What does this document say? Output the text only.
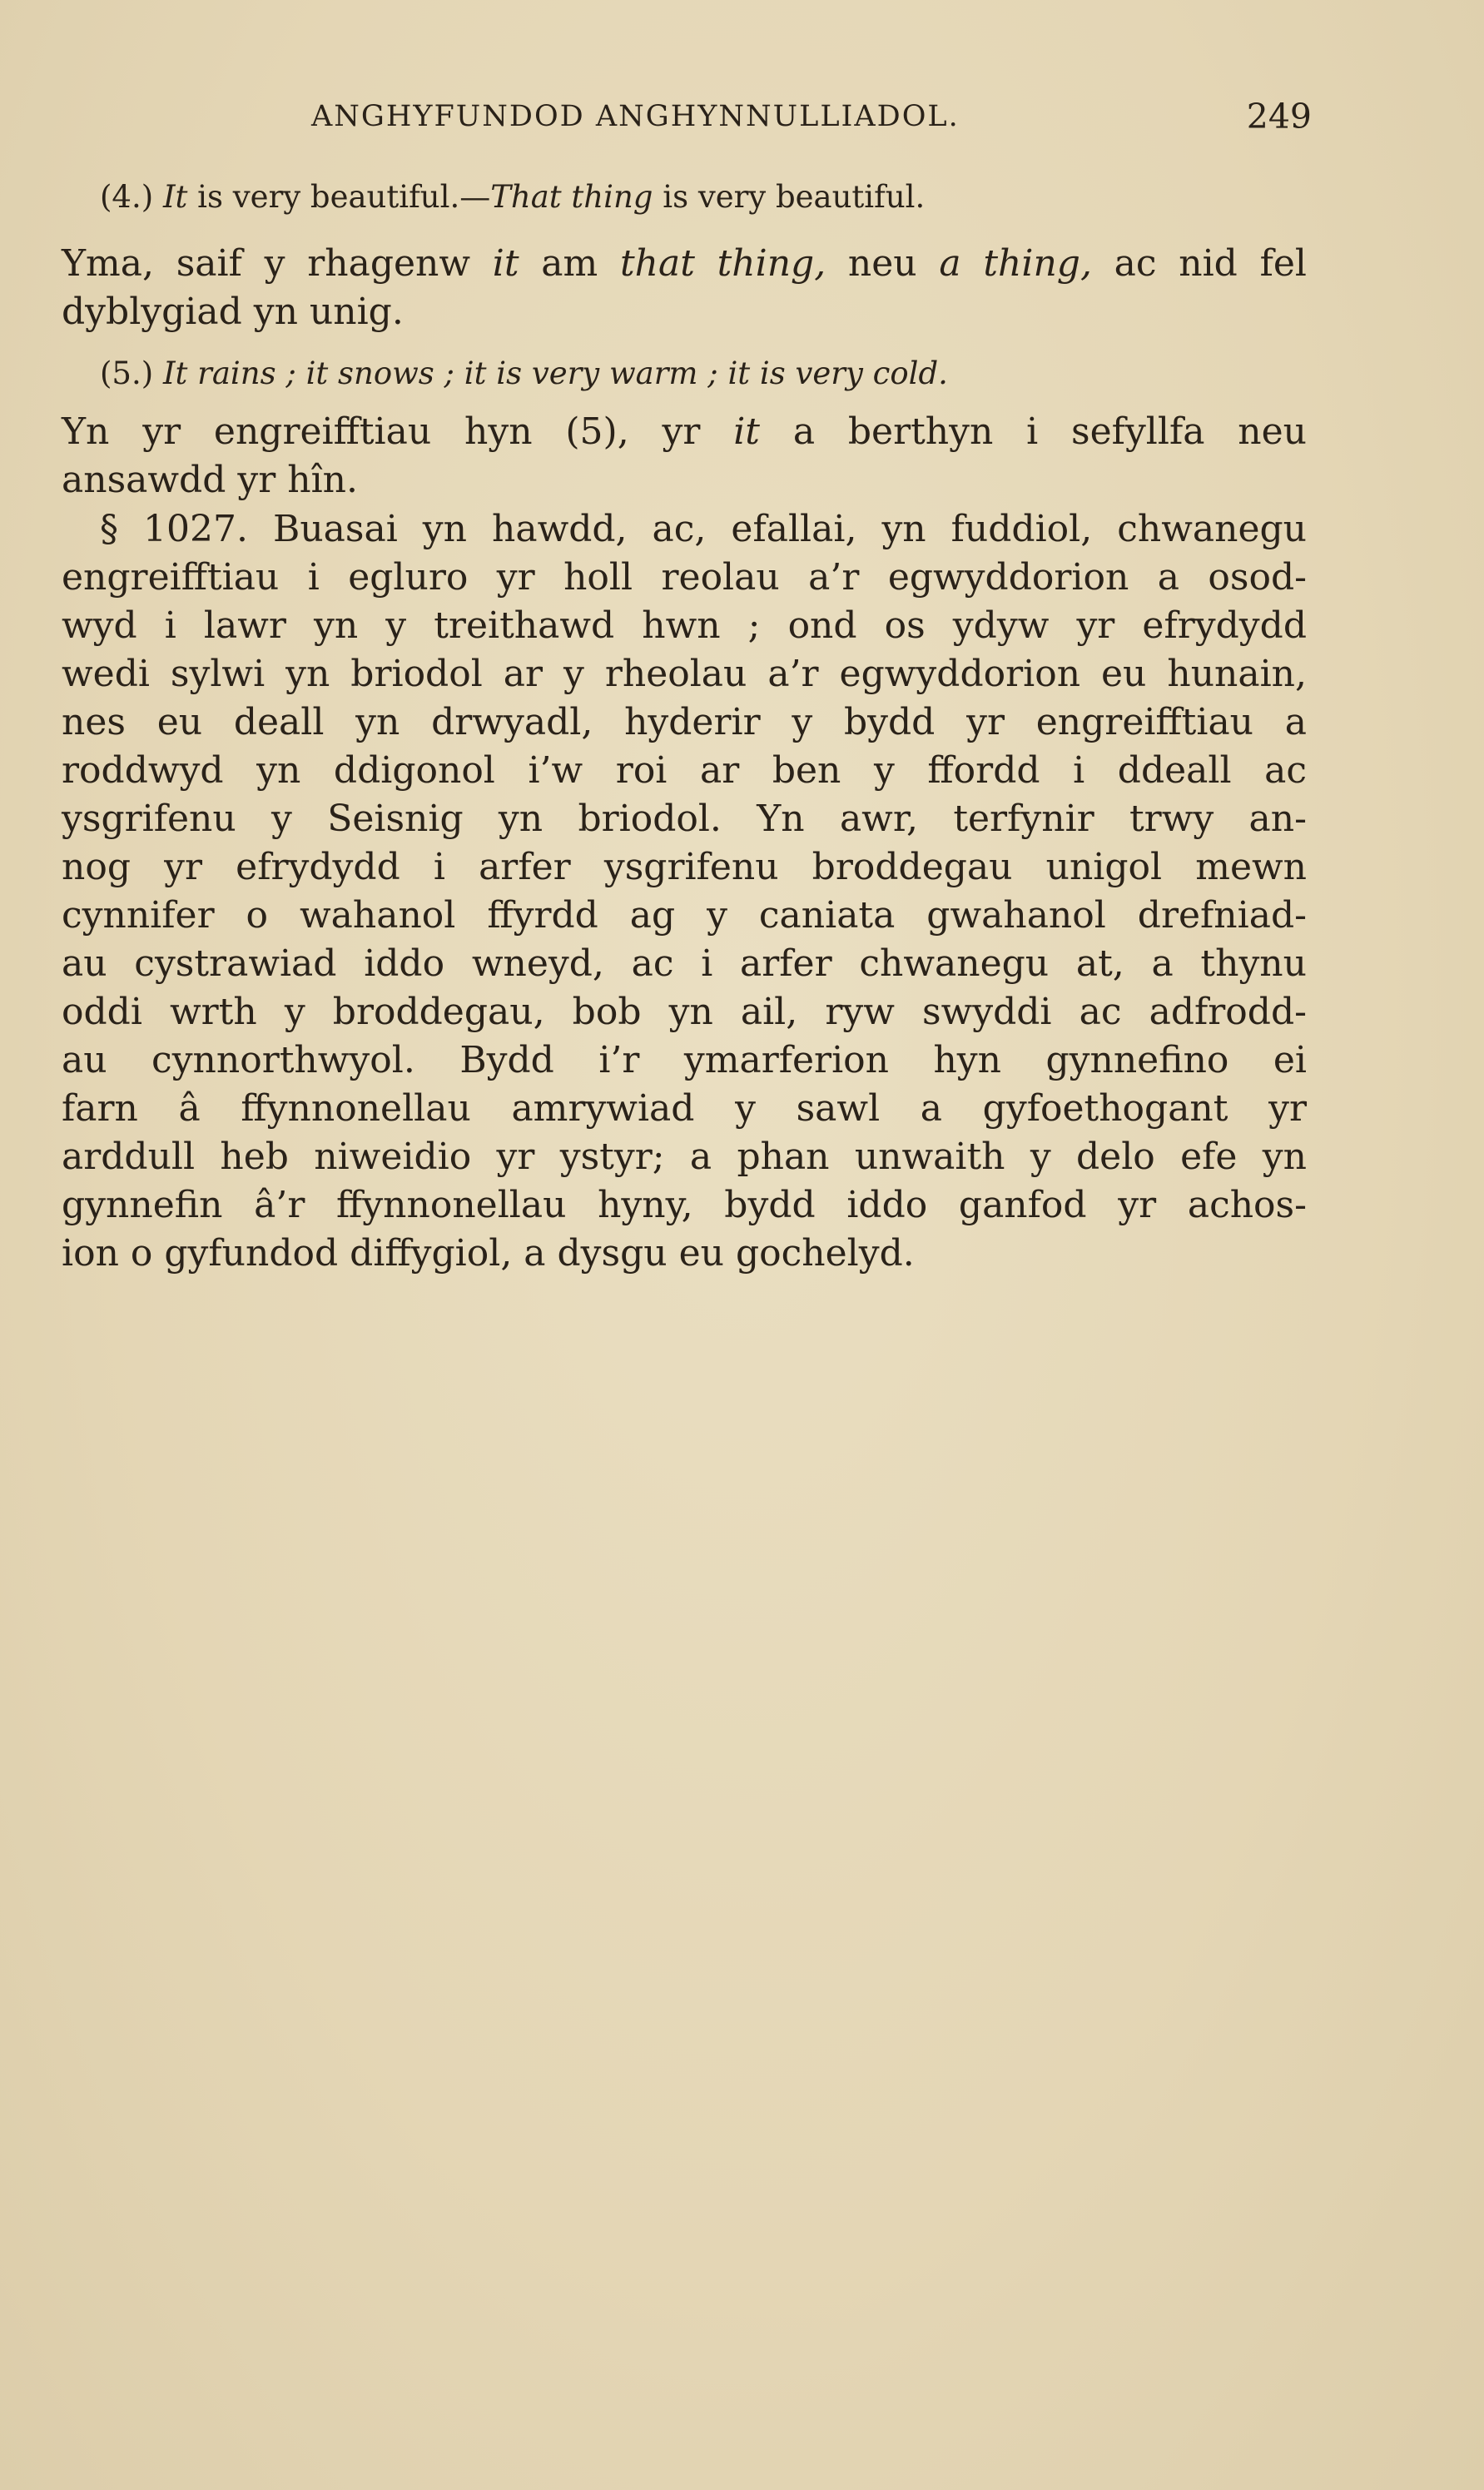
ANGHYFUNDOD ANGHYNNULLIADOL.	249
(4.) It is very beautiful.—That thing is very beautiful.
Yma, saif y rhagenw it am that thing, neu a thing, ac nid fel
dyblygiad yn unig.
(5.) It rains ; it snows ; it is very warm ; it is very cold.
Yn yr engreifftiau hyn (5), yr it a berthyn i sefyllfa neu
ansawdd yr hîn.
§ 1027. Buasai yn hawdd, ac, efallai, yn fuddiol, chwanegu
engreifftiau i egluro yr holl reolau a’r egwyddorion a osod-
wyd i lawr yn y treithawd hwn ; ond os ydyw yr efrydydd
wedi sylwi yn briodol ar y rheolau a’r egwyddorion eu hunain,
nes eu deall yn drwyadl, hyderir y bydd yr engreifftiau a
roddwyd yn ddigonol i’w roi ar ben y ffordd i ddeall ac
ysgrifenu y Seisnig yn briodol. Yn awr, terfynir trwy an-
nog yr efrydydd i arfer ysgrifenu broddegau unigol mewn
cynnifer o wahanol ffyrdd ag y caniata gwahanol drefniad-
au cystrawiad iddo wneyd, ac i arfer chwanegu at, a thynu
oddi wrth y broddegau, bob yn ail, ryw swyddi ac adfrodd-
au cynnorthwyol. Bydd i’r ymarferion hyn gynnefino ei
farn â ffynnonellau amrywiad y sawl a gyfoethogant yr
arddull heb niweidio yr ystyr; a phan unwaith y delo efe yn
gynnefin â’r ffynnonellau hyny, bydd iddo ganfod yr achos-
ion o gyfundod diffygiol, a dysgu eu gochelyd.
